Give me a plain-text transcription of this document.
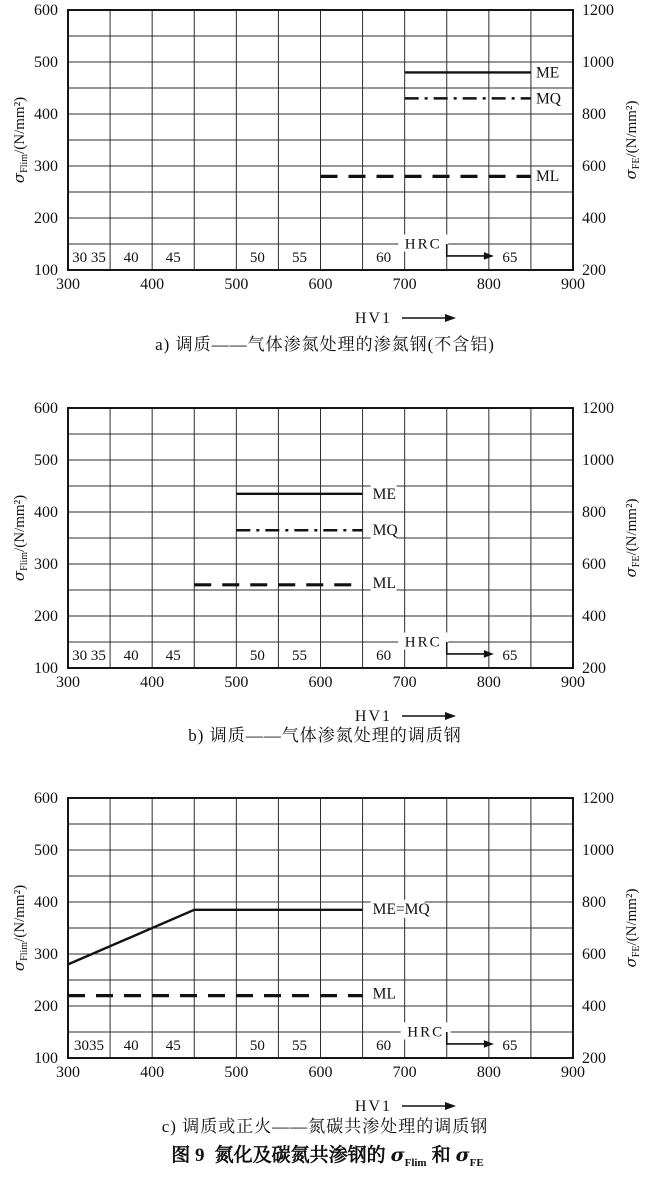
100
200
300
400
500
600
200
400
600
800
1000
1200
300	400	500	600	700	800	900
$\sigma_{Flim}/(N/mm^2)$
$\sigma_{FE}/(N/mm^2)$
30 35 40 45	50 55	60	65
HRC
ME
MQ
ML
HV1
a) 调质——气体渗氮处理的渗氮钢(不含铝)
100
200
300
400
500
600
200
400
600
800
1000
1200
300	400	500	600	700	800	900
$\sigma_{Flim}/(N/mm^2)$
$\sigma_{FE}/(N/mm^2)$
30 35 40 45	50 55	60	65
HRC
ME
MQ
ML
HV1
b) 调质——气体渗氮处理的调质钢
100
200
300
400
500
600
200
400
600
800
1000
1200
300	400	500	600	700	800	900
$\sigma_{Flim}/(N/mm^2)$
$\sigma_{FE}/(N/mm^2)$
3035 40 45	50 55	60	65
HRC
ME=MQ
ML
HV1
c) 调质或正火——氮碳共渗处理的调质钢
图 9 氮化及碳氮共渗钢的 $\sigma_{Flim}$ 和 $\sigma_{FE}$
